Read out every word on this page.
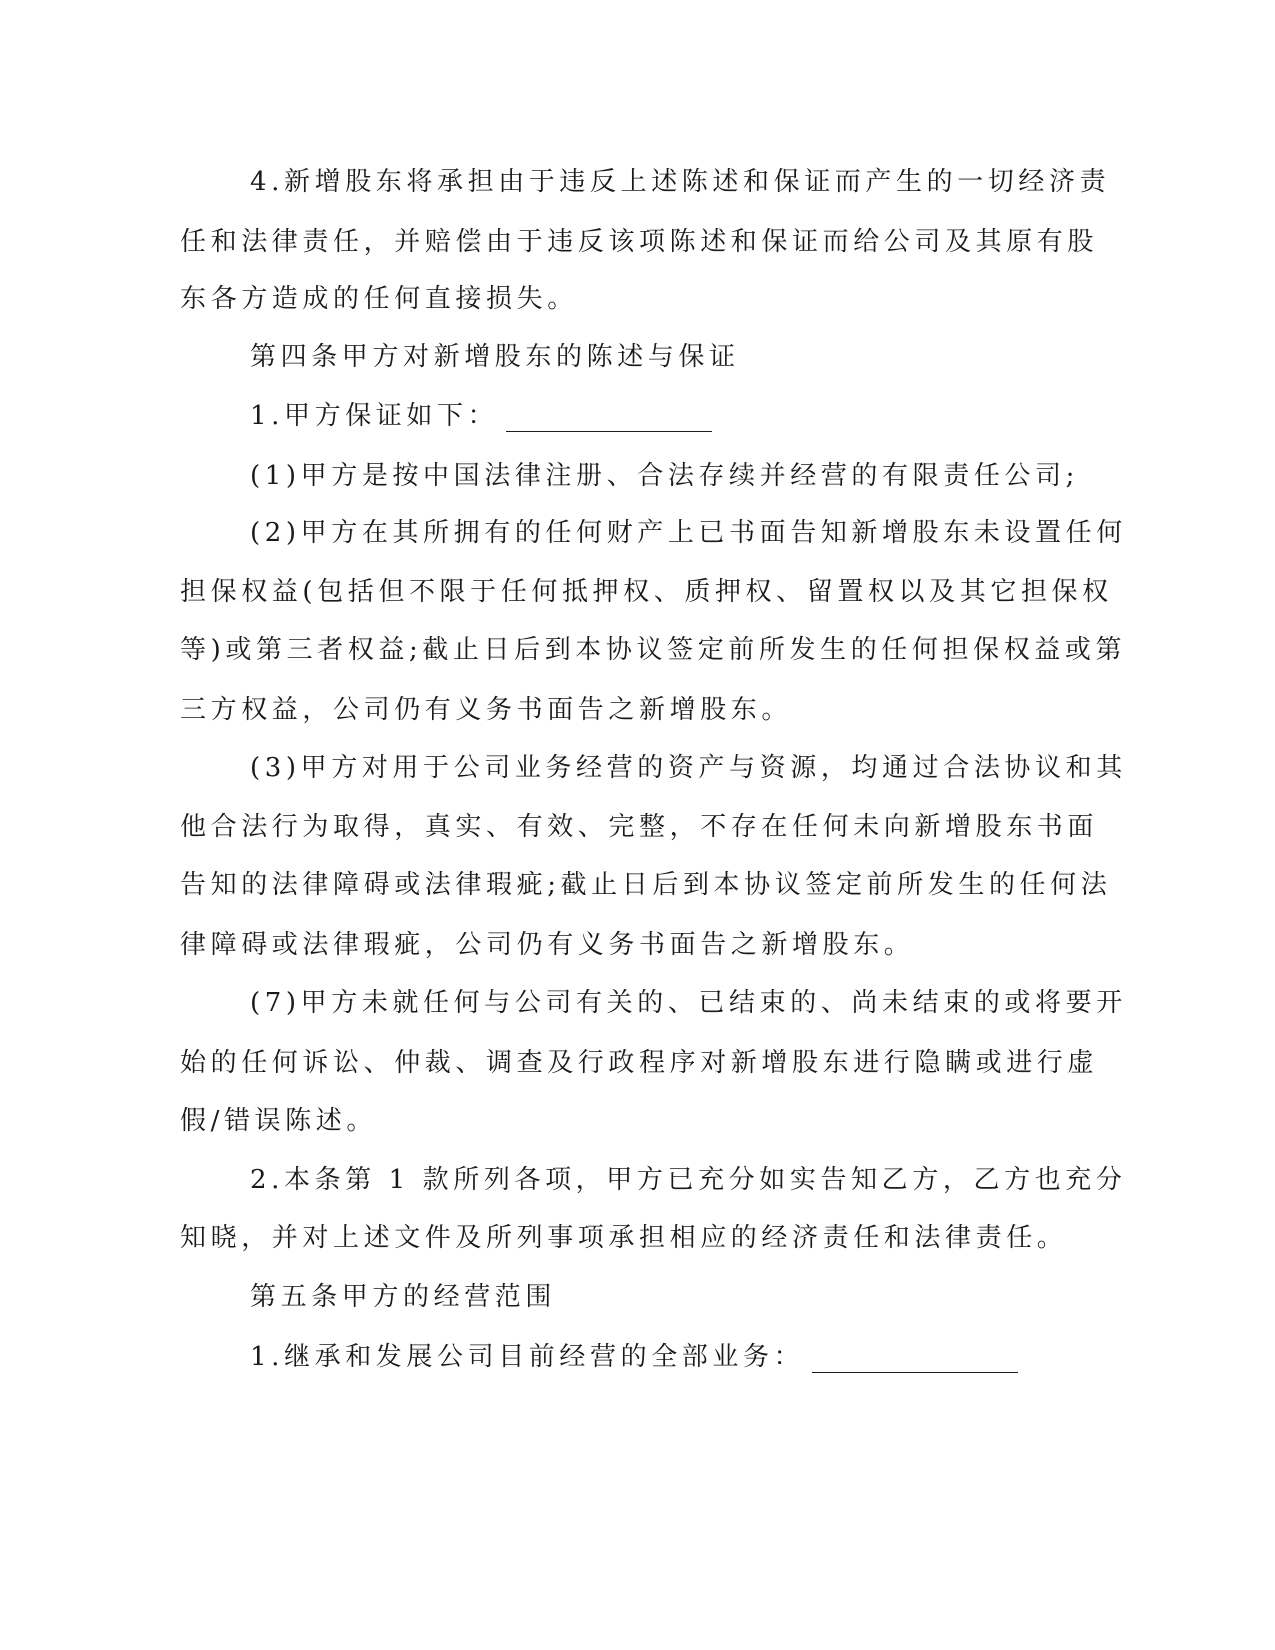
4.新增股东将承担由于违反上述陈述和保证而产生的一切经济责
任和法律责任，并赔偿由于违反该项陈述和保证而给公司及其原有股
东各方造成的任何直接损失。
第四条甲方对新增股东的陈述与保证
1.甲方保证如下：
(1)甲方是按中国法律注册、合法存续并经营的有限责任公司;
(2)甲方在其所拥有的任何财产上已书面告知新增股东未设置任何
担保权益(包括但不限于任何抵押权、质押权、留置权以及其它担保权
等)或第三者权益;截止日后到本协议签定前所发生的任何担保权益或第
三方权益，公司仍有义务书面告之新增股东。
(3)甲方对用于公司业务经营的资产与资源，均通过合法协议和其
他合法行为取得，真实、有效、完整，不存在任何未向新增股东书面
告知的法律障碍或法律瑕疵;截止日后到本协议签定前所发生的任何法
律障碍或法律瑕疵，公司仍有义务书面告之新增股东。
(7)甲方未就任何与公司有关的、已结束的、尚未结束的或将要开
始的任何诉讼、仲裁、调查及行政程序对新增股东进行隐瞒或进行虚
假/错误陈述。
2.本条第 1 款所列各项，甲方已充分如实告知乙方，乙方也充分
知晓，并对上述文件及所列事项承担相应的经济责任和法律责任。
第五条甲方的经营范围
1.继承和发展公司目前经营的全部业务：
